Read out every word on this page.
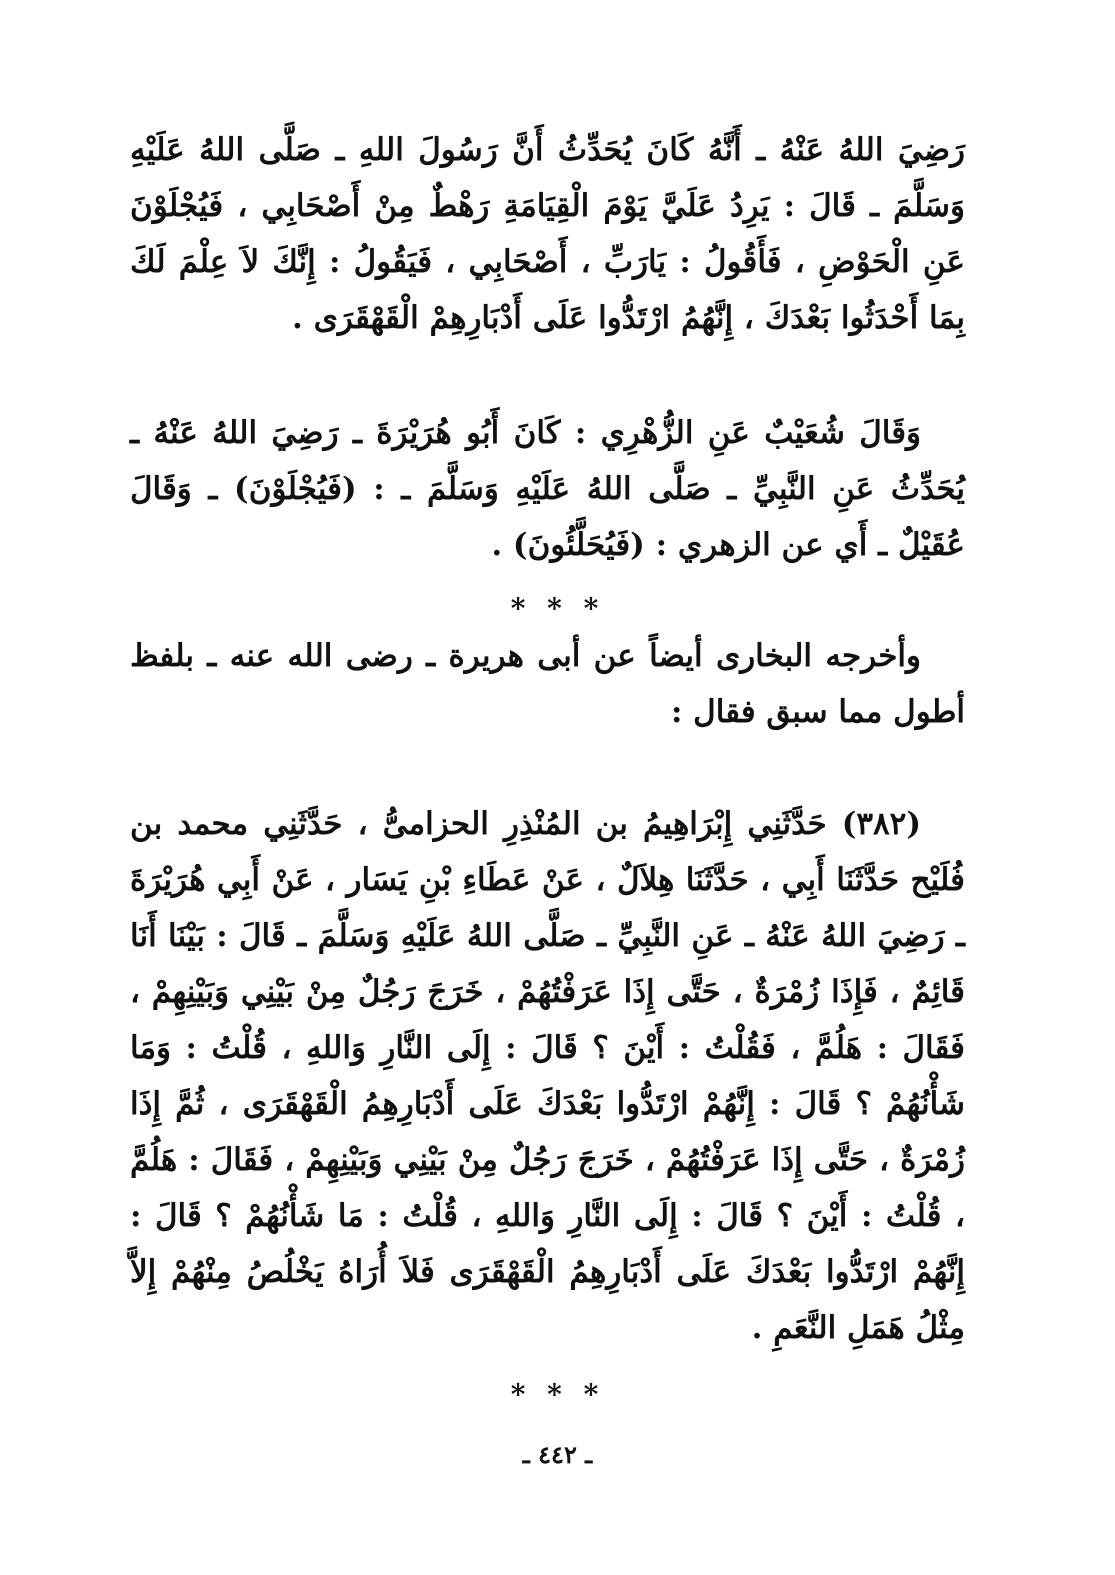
رَضِيَ اللهُ عَنْهُ ـ أَنَّهُ كَانَ يُحَدِّثُ أَنَّ رَسُولَ اللهِ ـ صَلَّى اللهُ عَلَيْهِ وَسَلَّمَ ـ قَالَ : يَرِدُ عَلَيَّ يَوْمَ الْقِيَامَةِ رَهْطٌ مِنْ أَصْحَابِي ، فَيُجْلَوْنَ عَنِ الْحَوْضِ ، فَأَقُولُ : يَارَبِّ ، أَصْحَابِي ، فَيَقُولُ : إِنَّكَ لاَ عِلْمَ لَكَ بِمَا أَحْدَثُوا بَعْدَكَ ، إِنَّهُمُ ارْتَدُّوا عَلَى أَدْبَارِهِمْ الْقَهْقَرَى .
وَقَالَ شُعَيْبٌ عَنِ الزُّهْرِي : كَانَ أَبُو هُرَيْرَةَ ـ رَضِيَ اللهُ عَنْهُ ـ يُحَدِّثُ عَنِ النَّبِيِّ ـ صَلَّى اللهُ عَلَيْهِ وَسَلَّمَ ـ : (فَيُجْلَوْنَ) ـ وَقَالَ عُقَيْلٌ ـ أَي عن الزهري : (فَيُحَلَّئُونَ) .
* * *
وأخرجه البخارى أيضاً عن أبى هريرة ـ رضى الله عنه ـ بلفظ أطول مما سبق فقال :
(٣٨٢) حَدَّثَنِي إِبْرَاهِيمُ بن المُنْذِرِ الحزامىُّ ، حَدَّثَنِي محمد بن فُلَيْح حَدَّثَنَا أَبِي ، حَدَّثَنَا هِلاَلٌ ، عَنْ عَطَاءِ بْنِ يَسَار ، عَنْ أَبِي هُرَيْرَةَ ـ رَضِيَ اللهُ عَنْهُ ـ عَنِ النَّبِيِّ ـ صَلَّى اللهُ عَلَيْهِ وَسَلَّمَ ـ قَالَ : بَيْنَا أَنَا قَائِمٌ ، فَإِذَا زُمْرَةٌ ، حَتَّى إِذَا عَرَفْتُهُمْ ، خَرَجَ رَجُلٌ مِنْ بَيْنِي وَبَيْنِهِمْ ، فَقَالَ : هَلُمَّ ، فَقُلْتُ : أَيْنَ ؟ قَالَ : إِلَى النَّارِ وَاللهِ ، قُلْتُ : وَمَا شَأْنُهُمْ ؟ قَالَ : إِنَّهُمْ ارْتَدُّوا بَعْدَكَ عَلَى أَدْبَارِهِمُ الْقَهْقَرَى ، ثُمَّ إِذَا زُمْرَةٌ ، حَتَّى إِذَا عَرَفْتُهُمْ ، خَرَجَ رَجُلٌ مِنْ بَيْنِي وَبَيْنِهِمْ ، فَقَالَ : هَلُمَّ ، قُلْتُ : أَيْنَ ؟ قَالَ : إِلَى النَّارِ وَاللهِ ، قُلْتُ : مَا شَأْنُهُمْ ؟ قَالَ : إِنَّهُمْ ارْتَدُّوا بَعْدَكَ عَلَى أَدْبَارِهِمُ الْقَهْقَرَى فَلاَ أُرَاهُ يَخْلُصُ مِنْهُمْ إِلاَّ مِثْلُ هَمَلِ النَّعَمِ .
* * *
ـ ٤٤٢ ـ
